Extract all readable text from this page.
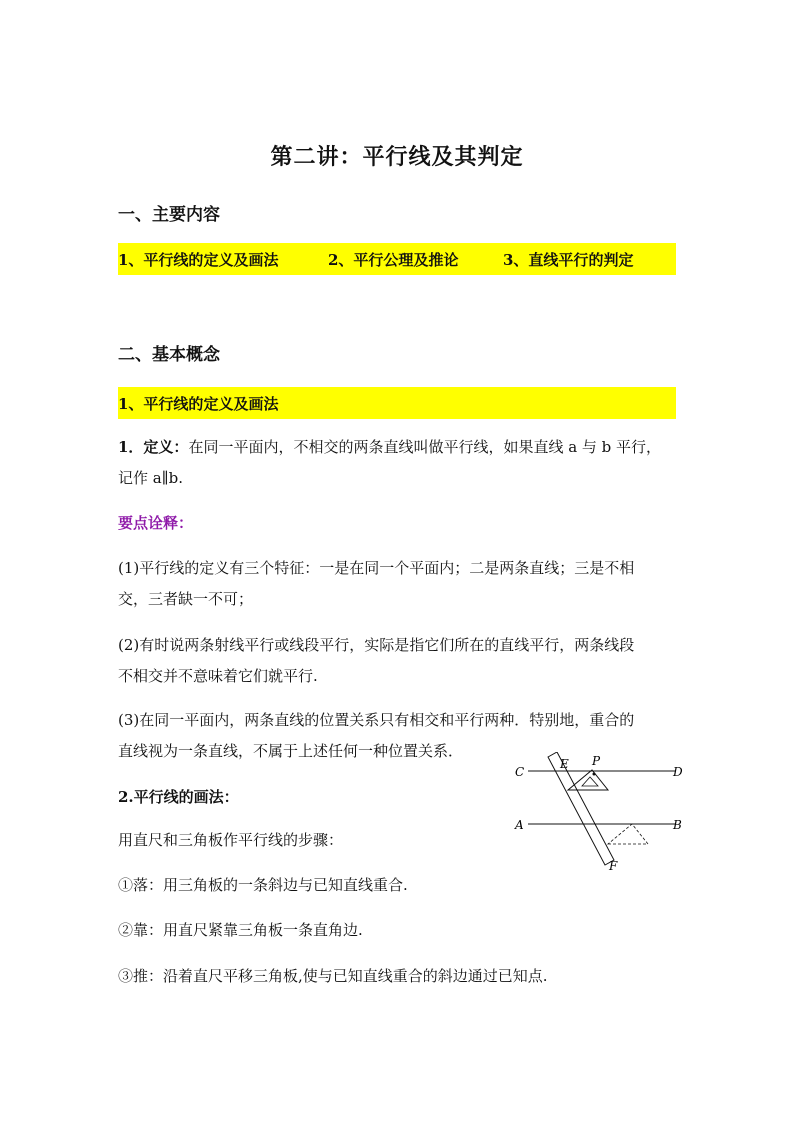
第二讲：平行线及其判定
一、主要内容
1、平行线的定义及画法	2、平行公理及推论	3、直线平行的判定
二、基本概念
1、平行线的定义及画法
1．定义：在同一平面内，不相交的两条直线叫做平行线，如果直线 a 与 b 平行，
记作 a∥b.
要点诠释：
(1)平行线的定义有三个特征：一是在同一个平面内；二是两条直线；三是不相
交，三者缺一不可；
(2)有时说两条射线平行或线段平行，实际是指它们所在的直线平行，两条线段
不相交并不意味着它们就平行.
(3)在同一平面内，两条直线的位置关系只有相交和平行两种．特别地，重合的
直线视为一条直线，不属于上述任何一种位置关系．
2.平行线的画法：
用直尺和三角板作平行线的步骤：
①落：用三角板的一条斜边与已知直线重合.
②靠：用直尺紧靠三角板一条直角边.
③推：沿着直尺平移三角板,使与已知直线重合的斜边通过已知点.
C	D
A	B
E P
F
